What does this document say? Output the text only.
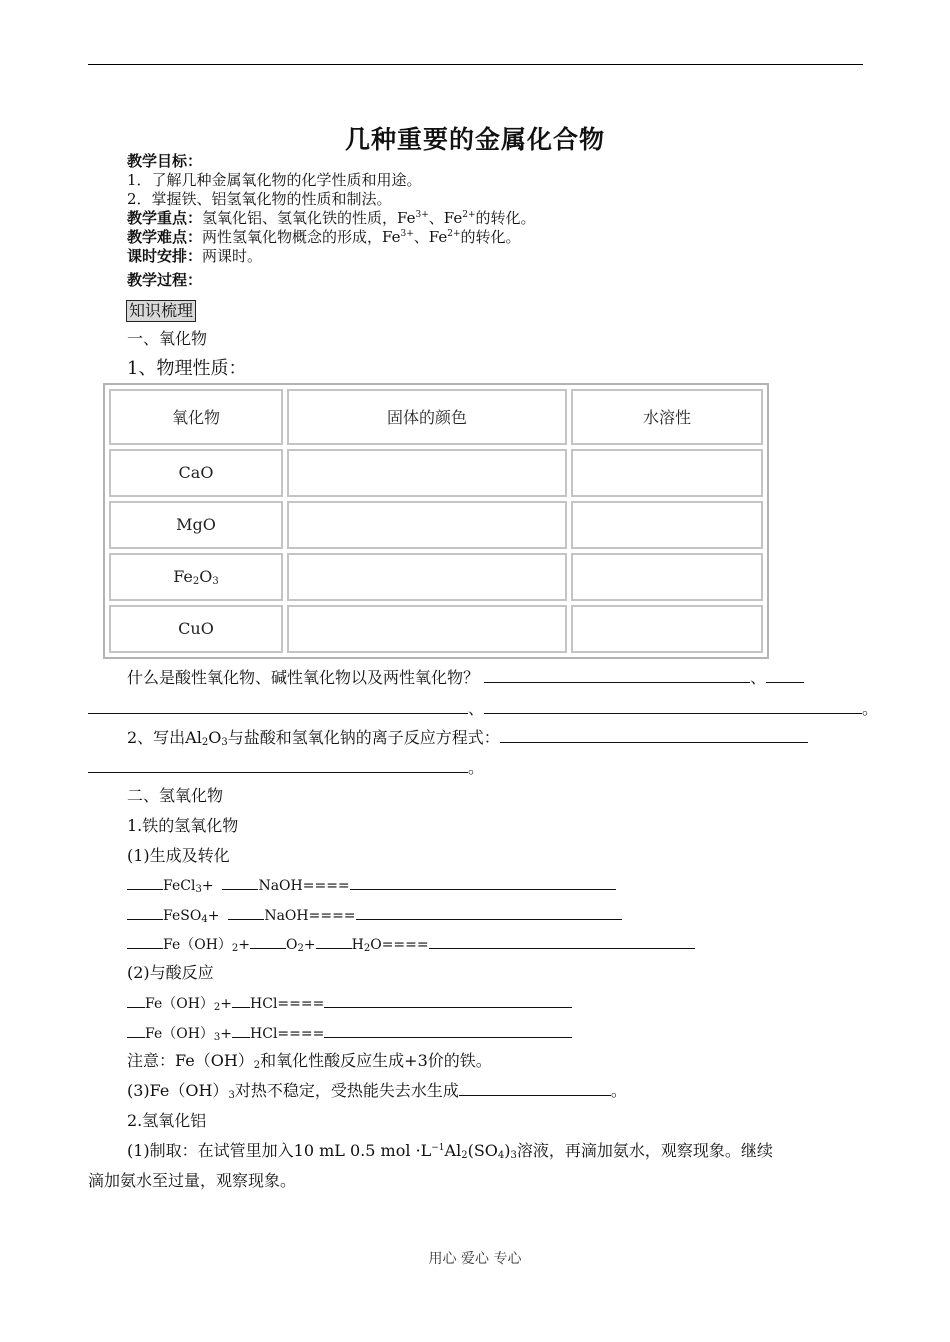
几种重要的金属化合物
教学目标：
1．了解几种金属氧化物的化学性质和用途。
2．掌握铁、铝氢氧化物的性质和制法。
教学重点：氢氧化铝、氢氧化铁的性质，$Fe^{3+}$、$Fe^{2+}$的转化。
教学难点：两性氢氧化物概念的形成，$Fe^{3+}$、$Fe^{2+}$的转化。
课时安排：两课时。
教学过程：
知识梳理
一、氧化物
1、物理性质：
氧化物	固体的颜色	水溶性
CaO		
MgO		
$Fe_2O_3$		
CuO		
什么是酸性氧化物、碱性氧化物以及两性氧化物？	、
、	。
2、写出$Al_2O_3$与盐酸和氢氧化钠的离子反应方程式：
。
二、氢氧化物
1.铁的氢氧化物
(1)生成及转化
FeCl$_3$+	NaOH====
FeSO$_4$+	NaOH====
$Fe(OH)_2+$	$O_2+$	$H_2O====$
(2)与酸反应
$Fe(OH)_2+ HCl====$
$Fe(OH)_3+ HCl====$
注意：$Fe(OH)_2$和氧化性酸反应生成+3价的铁。
$(3)Fe(OH)_3$对热不稳定，受热能失去水生成	。
2.氢氧化铝
(1)制取：在试管里加入10 mL 0.5 mol $\cdot L^{-1}Al_2(SO_4)_3$溶液，再滴加氨水，观察现象。继续
滴加氨水至过量，观察现象。
用心 爱心 专心
